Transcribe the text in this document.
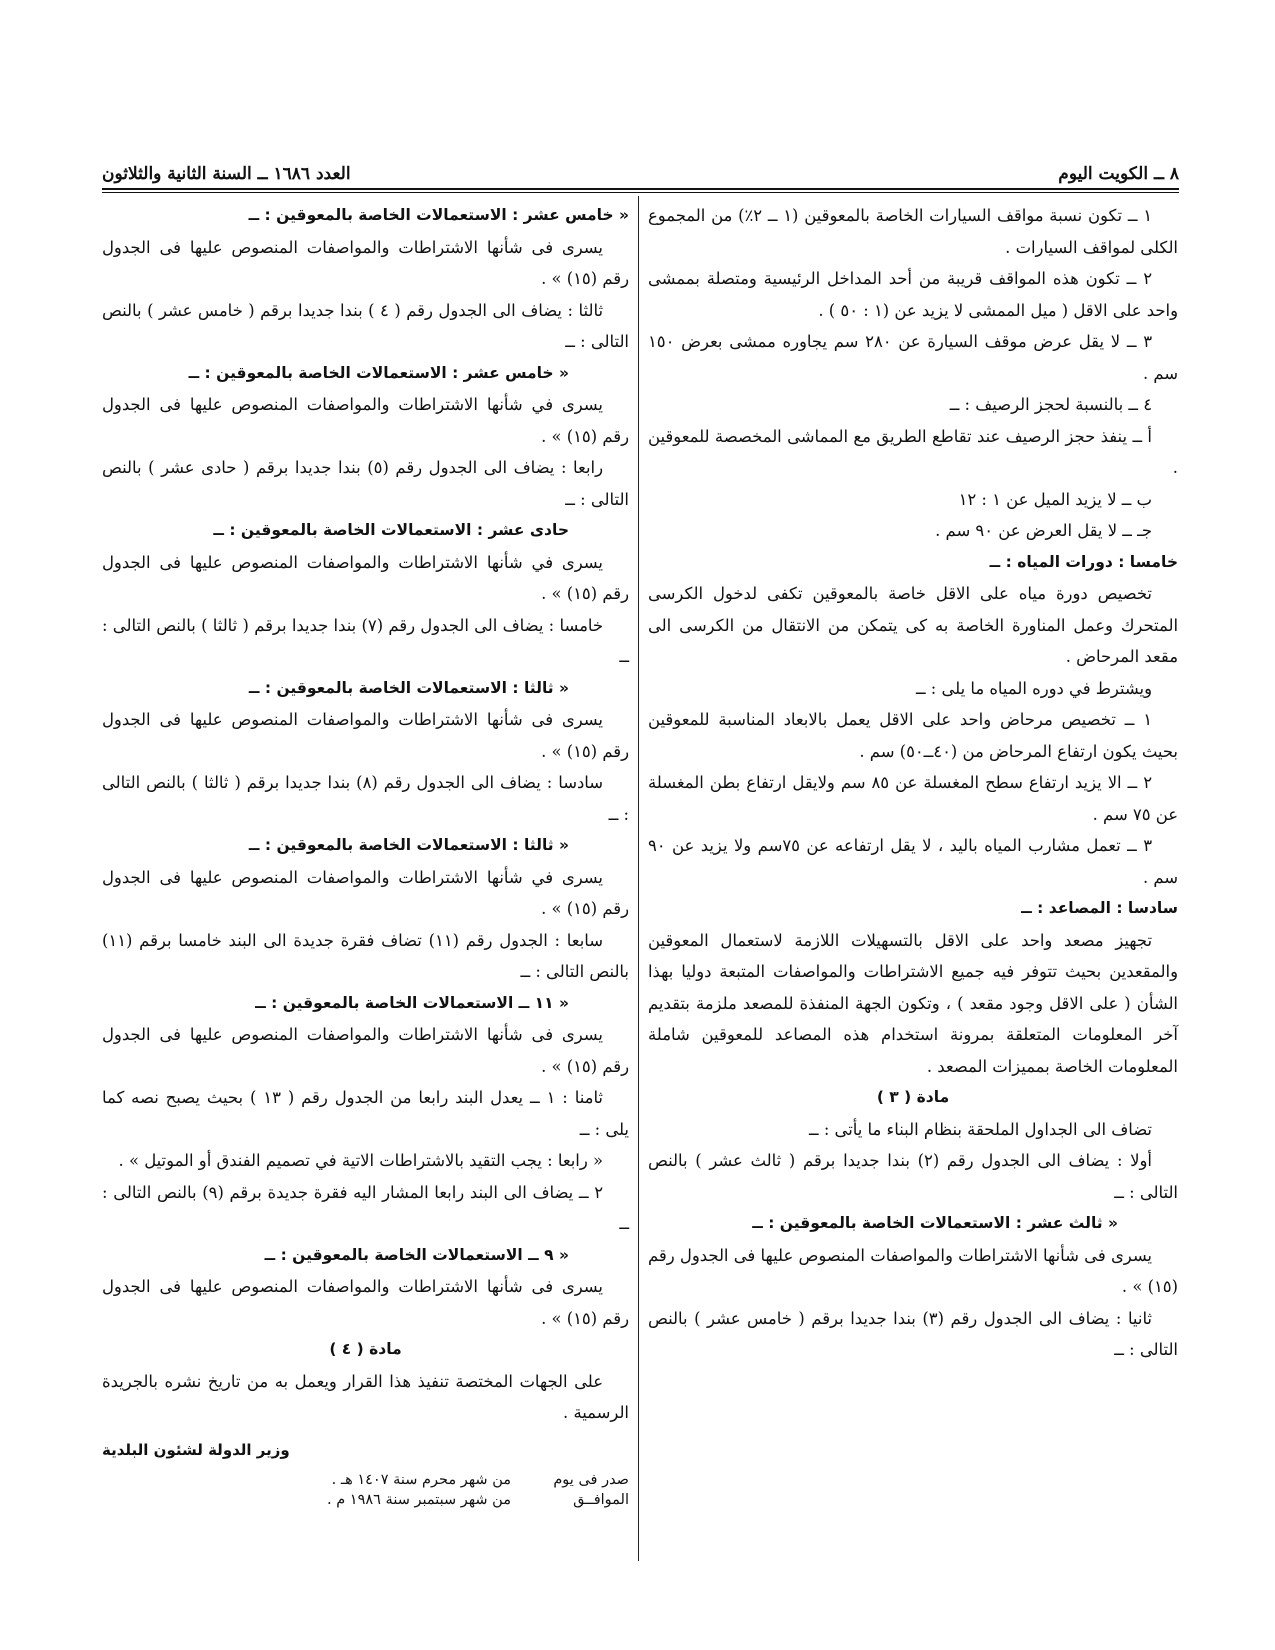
٨ ــ الكويت اليوم
العدد ١٦٨٦ ــ السنة الثانية والثلاثون

١ ــ تكون نسبة مواقف السيارات الخاصة بالمعوقين (١ ــ ٢٪) من المجموع الكلى لمواقف السيارات .

٢ ــ تكون هذه المواقف قريبة من أحد المداخل الرئيسية ومتصلة بممشى واحد على الاقل ( ميل الممشى لا يزيد عن (١ : ٥٠ ) .

٣ ــ لا يقل عرض موقف السيارة عن ٢٨٠ سم يجاوره ممشى بعرض ١٥٠ سم .

٤ ــ بالنسبة لحجز الرصيف : ــ

أ ــ ينفذ حجز الرصيف عند تقاطع الطريق مع المماشى المخصصة للمعوقين .

ب ــ لا يزيد الميل عن ١ : ١٢

جـ ــ لا يقل العرض عن ٩٠ سم .

خامسا : دورات المياه : ــ

تخصيص دورة مياه على الاقل خاصة بالمعوقين تكفى لدخول الكرسى المتحرك وعمل المناورة الخاصة به كى يتمكن من الانتقال من الكرسى الى مقعد المرحاض .

ويشترط في دوره المياه ما يلى : ــ

١ ــ تخصيص مرحاض واحد على الاقل يعمل بالابعاد المناسبة للمعوقين بحيث يكون ارتفاع المرحاض من (٤٠ــ٥٠) سم .

٢ ــ الا يزيد ارتفاع سطح المغسلة عن ٨٥ سم ولايقل ارتفاع بطن المغسلة عن ٧٥ سم .

٣ ــ تعمل مشارب المياه باليد ، لا يقل ارتفاعه عن ٧٥سم ولا يزيد عن ٩٠ سم .

سادسا : المصاعد : ــ

تجهيز مصعد واحد على الاقل بالتسهيلات اللازمة لاستعمال المعوقين والمقعدين بحيث تتوفر فيه جميع الاشتراطات والمواصفات المتبعة دوليا بهذا الشأن ( على الاقل وجود مقعد ) ، وتكون الجهة المنفذة للمصعد ملزمة بتقديم آخر المعلومات المتعلقة بمرونة استخدام هذه المصاعد للمعوقين شاملة المعلومات الخاصة بمميزات المصعد .

مادة ( ٣ )

تضاف الى الجداول الملحقة بنظام البناء ما يأتى : ــ

أولا : يضاف الى الجدول رقم (٢) بندا جديدا برقم ( ثالث عشر ) بالنص التالى : ــ

« ثالث عشر : الاستعمالات الخاصة بالمعوقين : ــ

يسرى فى شأنها الاشتراطات والمواصفات المنصوص عليها فى الجدول رقم (١٥) » .

ثانيا : يضاف الى الجدول رقم (٣) بندا جديدا برقم ( خامس عشر ) بالنص التالى : ــ

« خامس عشر : الاستعمالات الخاصة بالمعوقين : ــ

يسرى فى شأنها الاشتراطات والمواصفات المنصوص عليها فى الجدول رقم (١٥) » .

ثالثا : يضاف الى الجدول رقم ( ٤ ) بندا جديدا برقم ( خامس عشر ) بالنص التالى : ــ

« خامس عشر : الاستعمالات الخاصة بالمعوقين : ــ

يسرى في شأنها الاشتراطات والمواصفات المنصوص عليها فى الجدول رقم (١٥) » .

رابعا : يضاف الى الجدول رقم (٥) بندا جديدا برقم ( حادى عشر ) بالنص التالى : ــ

حادى عشر : الاستعمالات الخاصة بالمعوقين : ــ

يسرى في شأنها الاشتراطات والمواصفات المنصوص عليها فى الجدول رقم (١٥) » .

خامسا : يضاف الى الجدول رقم (٧) بندا جديدا برقم ( ثالثا ) بالنص التالى : ــ

« ثالثا : الاستعمالات الخاصة بالمعوقين : ــ

يسرى فى شأنها الاشتراطات والمواصفات المنصوص عليها فى الجدول رقم (١٥) » .

سادسا : يضاف الى الجدول رقم (٨) بندا جديدا برقم ( ثالثا ) بالنص التالى : ــ

« ثالثا : الاستعمالات الخاصة بالمعوقين : ــ

يسرى في شأنها الاشتراطات والمواصفات المنصوص عليها فى الجدول رقم (١٥) » .

سابعا : الجدول رقم (١١) تضاف فقرة جديدة الى البند خامسا برقم (١١) بالنص التالى : ــ

« ١١ ــ الاستعمالات الخاصة بالمعوقين : ــ

يسرى فى شأنها الاشتراطات والمواصفات المنصوص عليها فى الجدول رقم (١٥) » .

ثامنا : ١ ــ يعدل البند رابعا من الجدول رقم ( ١٣ ) بحيث يصبح نصه كما يلى : ــ

« رابعا : يجب التقيد بالاشتراطات الاتية في تصميم الفندق أو الموتيل » .

٢ ــ يضاف الى البند رابعا المشار اليه فقرة جديدة برقم (٩) بالنص التالى : ــ

« ٩ ــ الاستعمالات الخاصة بالمعوقين : ــ

يسرى فى شأنها الاشتراطات والمواصفات المنصوص عليها فى الجدول رقم (١٥) » .

مادة ( ٤ )

على الجهات المختصة تنفيذ هذا القرار ويعمل به من تاريخ نشره بالجريدة الرسمية .

وزير الدولة لشئون البلدية
صدر فى يوم
من شهر محرم سنة ١٤٠٧ هـ .
الموافــق
من شهر سبتمبر سنة ١٩٨٦ م .
